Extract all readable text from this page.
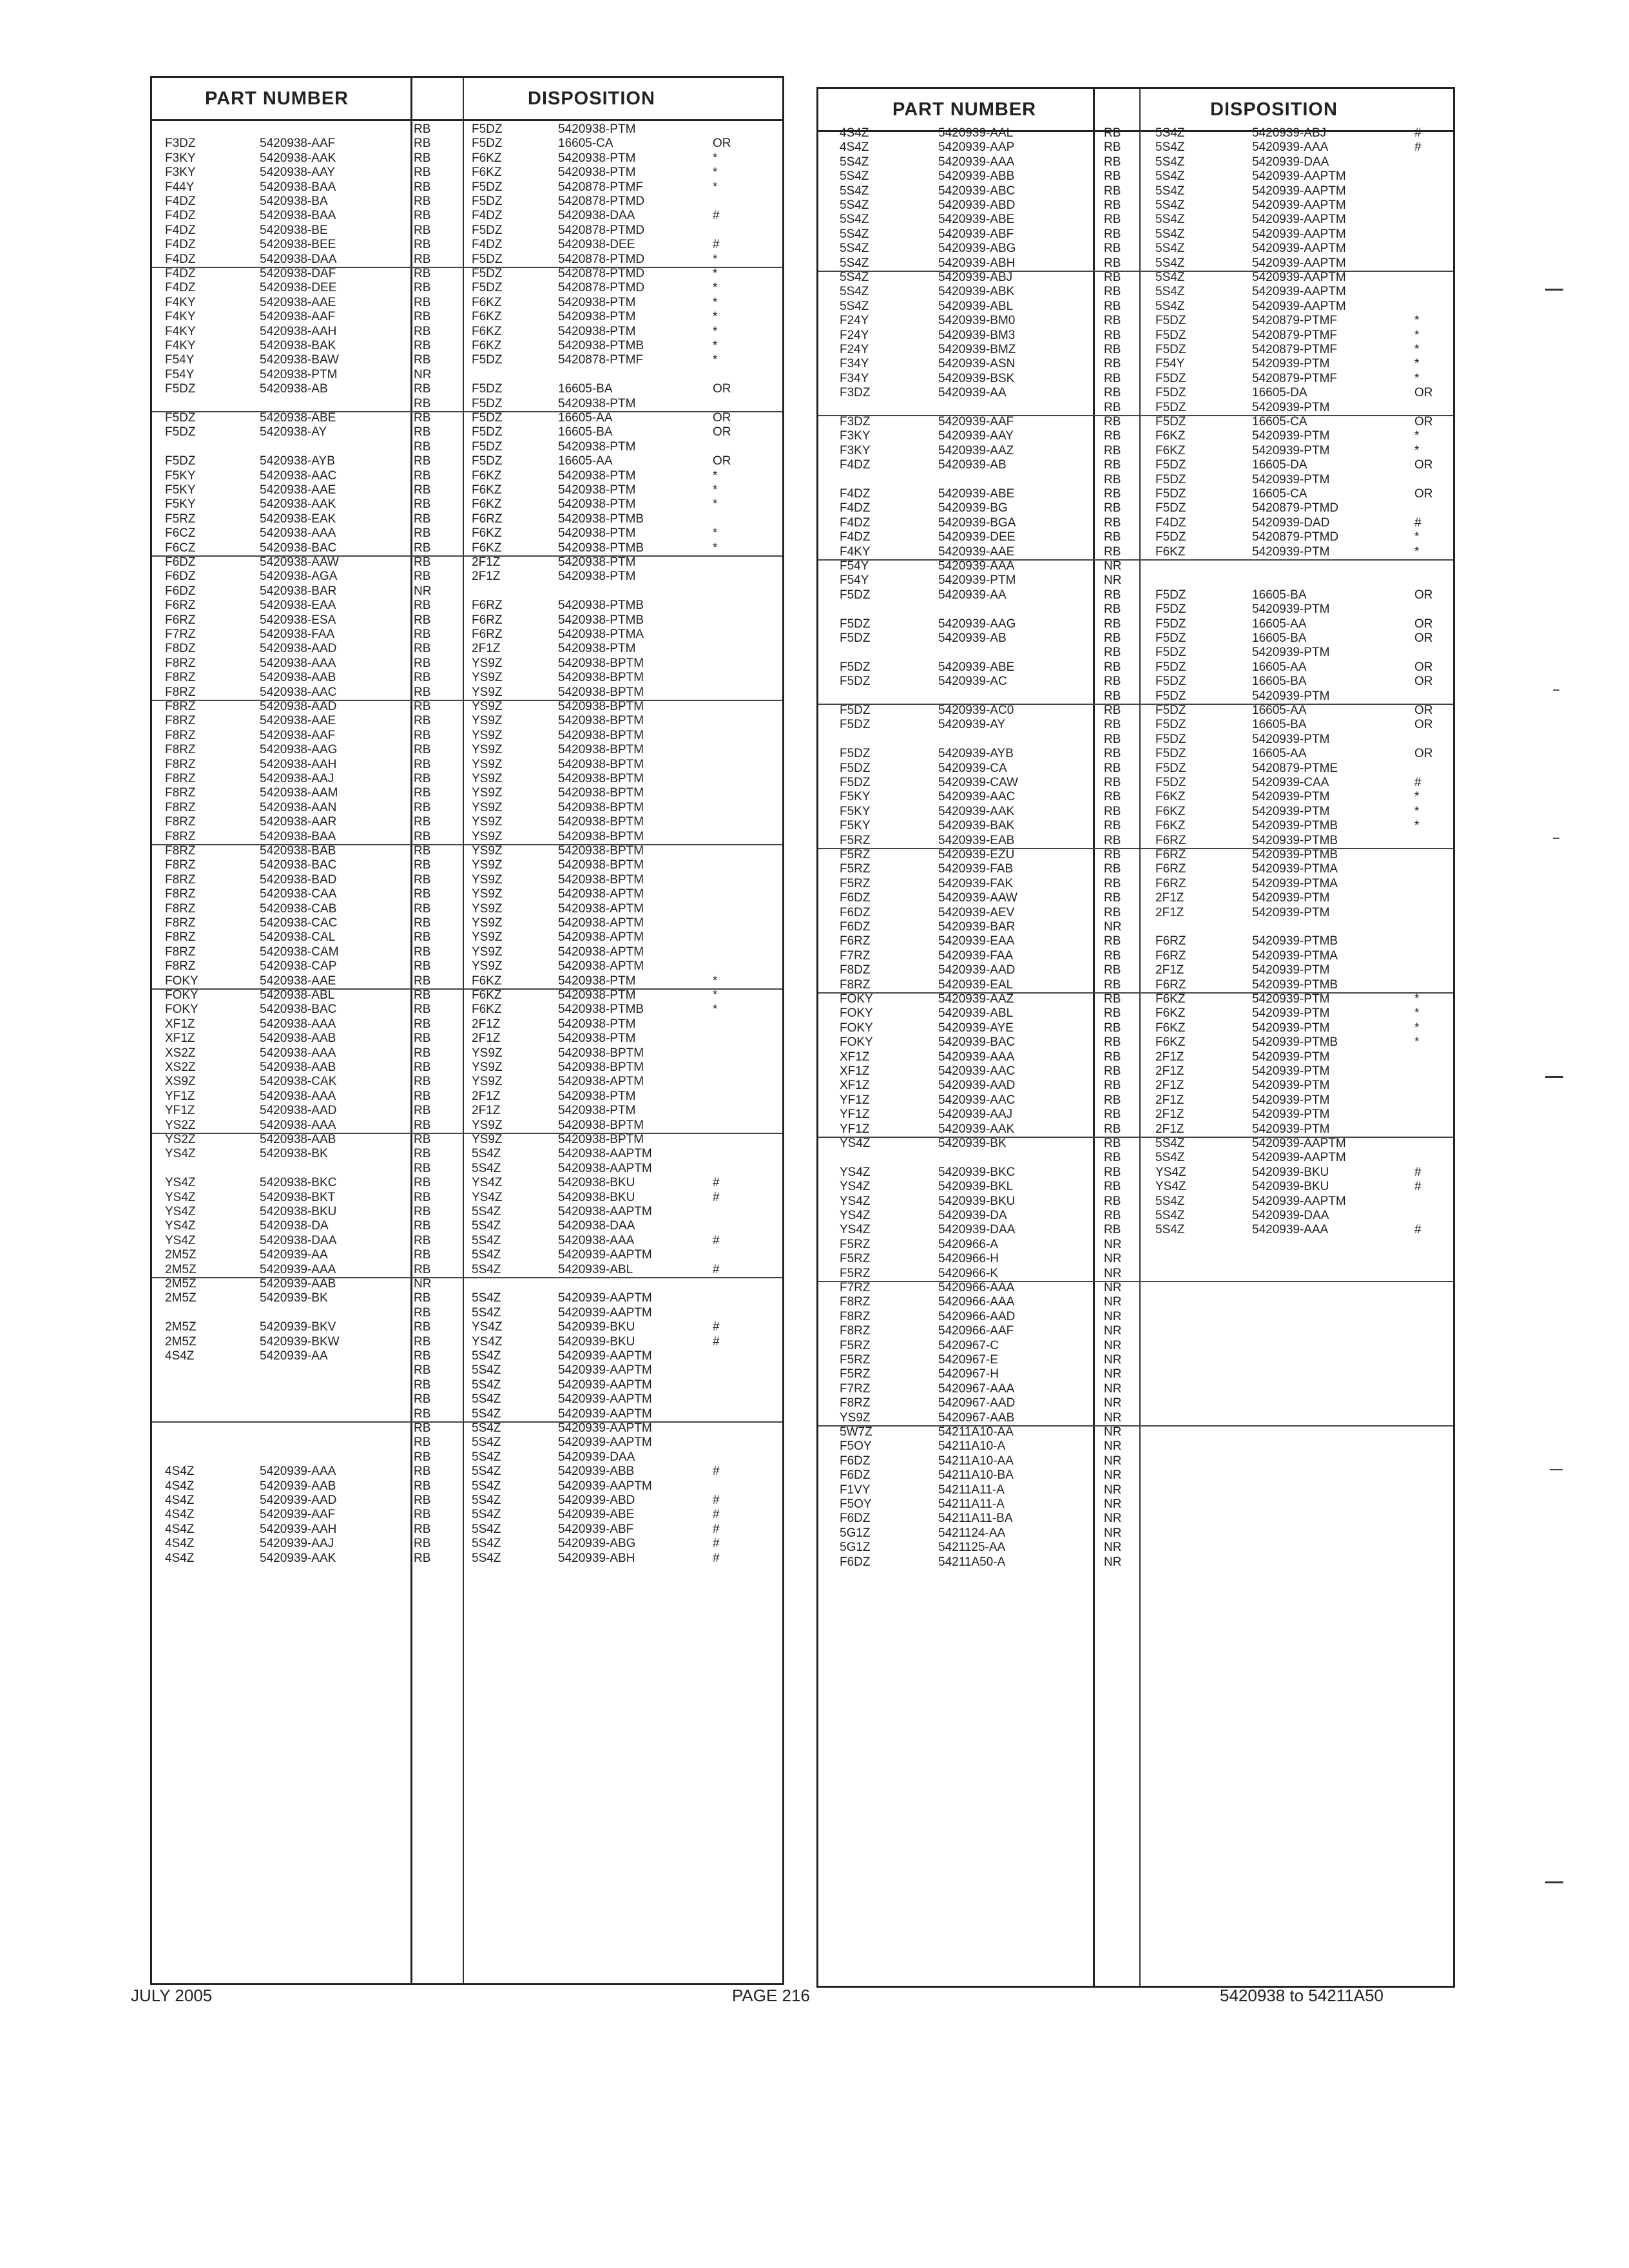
PART NUMBER	DISPOSITION
RB	F5DZ	5420938-PTM
F3DZ	5420938-AAF	RB	F5DZ	16605-CA	OR
F3KY	5420938-AAK	RB	F6KZ	5420938-PTM	*
F3KY	5420938-AAY	RB	F6KZ	5420938-PTM	*
F44Y	5420938-BAA	RB	F5DZ	5420878-PTMF	*
F4DZ	5420938-BA	RB	F5DZ	5420878-PTMD
F4DZ	5420938-BAA	RB	F4DZ	5420938-DAA	#
F4DZ	5420938-BE	RB	F5DZ	5420878-PTMD
F4DZ	5420938-BEE	RB	F4DZ	5420938-DEE	#
F4DZ	5420938-DAA	RB	F5DZ	5420878-PTMD	*
F4DZ	5420938-DAF	RB	F5DZ	5420878-PTMD	*
F4DZ	5420938-DEE	RB	F5DZ	5420878-PTMD	*
F4KY	5420938-AAE	RB	F6KZ	5420938-PTM	*
F4KY	5420938-AAF	RB	F6KZ	5420938-PTM	*
F4KY	5420938-AAH	RB	F6KZ	5420938-PTM	*
F4KY	5420938-BAK	RB	F6KZ	5420938-PTMB	*
F54Y	5420938-BAW	RB	F5DZ	5420878-PTMF	*
F54Y	5420938-PTM	NR
F5DZ	5420938-AB	RB	F5DZ	16605-BA	OR
RB	F5DZ	5420938-PTM
F5DZ	5420938-ABE	RB	F5DZ	16605-AA	OR
F5DZ	5420938-AY	RB	F5DZ	16605-BA	OR
RB	F5DZ	5420938-PTM
F5DZ	5420938-AYB	RB	F5DZ	16605-AA	OR
F5KY	5420938-AAC	RB	F6KZ	5420938-PTM	*
F5KY	5420938-AAE	RB	F6KZ	5420938-PTM	*
F5KY	5420938-AAK	RB	F6KZ	5420938-PTM	*
F5RZ	5420938-EAK	RB	F6RZ	5420938-PTMB
F6CZ	5420938-AAA	RB	F6KZ	5420938-PTM	*
F6CZ	5420938-BAC	RB	F6KZ	5420938-PTMB	*
F6DZ	5420938-AAW	RB	2F1Z	5420938-PTM
F6DZ	5420938-AGA	RB	2F1Z	5420938-PTM
F6DZ	5420938-BAR	NR
F6RZ	5420938-EAA	RB	F6RZ	5420938-PTMB
F6RZ	5420938-ESA	RB	F6RZ	5420938-PTMB
F7RZ	5420938-FAA	RB	F6RZ	5420938-PTMA
F8DZ	5420938-AAD	RB	2F1Z	5420938-PTM
F8RZ	5420938-AAA	RB	YS9Z	5420938-BPTM
F8RZ	5420938-AAB	RB	YS9Z	5420938-BPTM
F8RZ	5420938-AAC	RB	YS9Z	5420938-BPTM
F8RZ	5420938-AAD	RB	YS9Z	5420938-BPTM
F8RZ	5420938-AAE	RB	YS9Z	5420938-BPTM
F8RZ	5420938-AAF	RB	YS9Z	5420938-BPTM
F8RZ	5420938-AAG	RB	YS9Z	5420938-BPTM
F8RZ	5420938-AAH	RB	YS9Z	5420938-BPTM
F8RZ	5420938-AAJ	RB	YS9Z	5420938-BPTM
F8RZ	5420938-AAM	RB	YS9Z	5420938-BPTM
F8RZ	5420938-AAN	RB	YS9Z	5420938-BPTM
F8RZ	5420938-AAR	RB	YS9Z	5420938-BPTM
F8RZ	5420938-BAA	RB	YS9Z	5420938-BPTM
F8RZ	5420938-BAB	RB	YS9Z	5420938-BPTM
F8RZ	5420938-BAC	RB	YS9Z	5420938-BPTM
F8RZ	5420938-BAD	RB	YS9Z	5420938-BPTM
F8RZ	5420938-CAA	RB	YS9Z	5420938-APTM
F8RZ	5420938-CAB	RB	YS9Z	5420938-APTM
F8RZ	5420938-CAC	RB	YS9Z	5420938-APTM
F8RZ	5420938-CAL	RB	YS9Z	5420938-APTM
F8RZ	5420938-CAM	RB	YS9Z	5420938-APTM
F8RZ	5420938-CAP	RB	YS9Z	5420938-APTM
FOKY	5420938-AAE	RB	F6KZ	5420938-PTM	*
FOKY	5420938-ABL	RB	F6KZ	5420938-PTM	*
FOKY	5420938-BAC	RB	F6KZ	5420938-PTMB	*
XF1Z	5420938-AAA	RB	2F1Z	5420938-PTM
XF1Z	5420938-AAB	RB	2F1Z	5420938-PTM
XS2Z	5420938-AAA	RB	YS9Z	5420938-BPTM
XS2Z	5420938-AAB	RB	YS9Z	5420938-BPTM
XS9Z	5420938-CAK	RB	YS9Z	5420938-APTM
YF1Z	5420938-AAA	RB	2F1Z	5420938-PTM
YF1Z	5420938-AAD	RB	2F1Z	5420938-PTM
YS2Z	5420938-AAA	RB	YS9Z	5420938-BPTM
YS2Z	5420938-AAB	RB	YS9Z	5420938-BPTM
YS4Z	5420938-BK	RB	5S4Z	5420938-AAPTM
RB	5S4Z	5420938-AAPTM
YS4Z	5420938-BKC	RB	YS4Z	5420938-BKU	#
YS4Z	5420938-BKT	RB	YS4Z	5420938-BKU	#
YS4Z	5420938-BKU	RB	5S4Z	5420938-AAPTM
YS4Z	5420938-DA	RB	5S4Z	5420938-DAA
YS4Z	5420938-DAA	RB	5S4Z	5420938-AAA	#
2M5Z	5420939-AA	RB	5S4Z	5420939-AAPTM
2M5Z	5420939-AAA	RB	5S4Z	5420939-ABL	#
2M5Z	5420939-AAB	NR
2M5Z	5420939-BK	RB	5S4Z	5420939-AAPTM
RB	5S4Z	5420939-AAPTM
2M5Z	5420939-BKV	RB	YS4Z	5420939-BKU	#
2M5Z	5420939-BKW	RB	YS4Z	5420939-BKU	#
4S4Z	5420939-AA	RB	5S4Z	5420939-AAPTM
RB	5S4Z	5420939-AAPTM
RB	5S4Z	5420939-AAPTM
RB	5S4Z	5420939-AAPTM
RB	5S4Z	5420939-AAPTM
RB	5S4Z	5420939-AAPTM
RB	5S4Z	5420939-AAPTM
RB	5S4Z	5420939-DAA
4S4Z	5420939-AAA	RB	5S4Z	5420939-ABB	#
4S4Z	5420939-AAB	RB	5S4Z	5420939-AAPTM
4S4Z	5420939-AAD	RB	5S4Z	5420939-ABD	#
4S4Z	5420939-AAF	RB	5S4Z	5420939-ABE	#
4S4Z	5420939-AAH	RB	5S4Z	5420939-ABF	#
4S4Z	5420939-AAJ	RB	5S4Z	5420939-ABG	#
4S4Z	5420939-AAK	RB	5S4Z	5420939-ABH	#
PART NUMBER	DISPOSITION
4S4Z	5420939-AAL	RB	5S4Z	5420939-ABJ	#
4S4Z	5420939-AAP	RB	5S4Z	5420939-AAA	#
5S4Z	5420939-AAA	RB	5S4Z	5420939-DAA
5S4Z	5420939-ABB	RB	5S4Z	5420939-AAPTM
5S4Z	5420939-ABC	RB	5S4Z	5420939-AAPTM
5S4Z	5420939-ABD	RB	5S4Z	5420939-AAPTM
5S4Z	5420939-ABE	RB	5S4Z	5420939-AAPTM
5S4Z	5420939-ABF	RB	5S4Z	5420939-AAPTM
5S4Z	5420939-ABG	RB	5S4Z	5420939-AAPTM
5S4Z	5420939-ABH	RB	5S4Z	5420939-AAPTM
5S4Z	5420939-ABJ	RB	5S4Z	5420939-AAPTM
5S4Z	5420939-ABK	RB	5S4Z	5420939-AAPTM
5S4Z	5420939-ABL	RB	5S4Z	5420939-AAPTM
F24Y	5420939-BM0	RB	F5DZ	5420879-PTMF	*
F24Y	5420939-BM3	RB	F5DZ	5420879-PTMF	*
F24Y	5420939-BMZ	RB	F5DZ	5420879-PTMF	*
F34Y	5420939-ASN	RB	F54Y	5420939-PTM	*
F34Y	5420939-BSK	RB	F5DZ	5420879-PTMF	*
F3DZ	5420939-AA	RB	F5DZ	16605-DA	OR
RB	F5DZ	5420939-PTM
F3DZ	5420939-AAF	RB	F5DZ	16605-CA	OR
F3KY	5420939-AAY	RB	F6KZ	5420939-PTM	*
F3KY	5420939-AAZ	RB	F6KZ	5420939-PTM	*
F4DZ	5420939-AB	RB	F5DZ	16605-DA	OR
RB	F5DZ	5420939-PTM
F4DZ	5420939-ABE	RB	F5DZ	16605-CA	OR
F4DZ	5420939-BG	RB	F5DZ	5420879-PTMD
F4DZ	5420939-BGA	RB	F4DZ	5420939-DAD	#
F4DZ	5420939-DEE	RB	F5DZ	5420879-PTMD	*
F4KY	5420939-AAE	RB	F6KZ	5420939-PTM	*
F54Y	5420939-AAA	NR
F54Y	5420939-PTM	NR
F5DZ	5420939-AA	RB	F5DZ	16605-BA	OR
RB	F5DZ	5420939-PTM
F5DZ	5420939-AAG	RB	F5DZ	16605-AA	OR
F5DZ	5420939-AB	RB	F5DZ	16605-BA	OR
RB	F5DZ	5420939-PTM
F5DZ	5420939-ABE	RB	F5DZ	16605-AA	OR
F5DZ	5420939-AC	RB	F5DZ	16605-BA	OR
RB	F5DZ	5420939-PTM
F5DZ	5420939-AC0	RB	F5DZ	16605-AA	OR
F5DZ	5420939-AY	RB	F5DZ	16605-BA	OR
RB	F5DZ	5420939-PTM
F5DZ	5420939-AYB	RB	F5DZ	16605-AA	OR
F5DZ	5420939-CA	RB	F5DZ	5420879-PTME
F5DZ	5420939-CAW	RB	F5DZ	5420939-CAA	#
F5KY	5420939-AAC	RB	F6KZ	5420939-PTM	*
F5KY	5420939-AAK	RB	F6KZ	5420939-PTM	*
F5KY	5420939-BAK	RB	F6KZ	5420939-PTMB	*
F5RZ	5420939-EAB	RB	F6RZ	5420939-PTMB
F5RZ	5420939-EZU	RB	F6RZ	5420939-PTMB
F5RZ	5420939-FAB	RB	F6RZ	5420939-PTMA
F5RZ	5420939-FAK	RB	F6RZ	5420939-PTMA
F6DZ	5420939-AAW	RB	2F1Z	5420939-PTM
F6DZ	5420939-AEV	RB	2F1Z	5420939-PTM
F6DZ	5420939-BAR	NR
F6RZ	5420939-EAA	RB	F6RZ	5420939-PTMB
F7RZ	5420939-FAA	RB	F6RZ	5420939-PTMA
F8DZ	5420939-AAD	RB	2F1Z	5420939-PTM
F8RZ	5420939-EAL	RB	F6RZ	5420939-PTMB
FOKY	5420939-AAZ	RB	F6KZ	5420939-PTM	*
FOKY	5420939-ABL	RB	F6KZ	5420939-PTM	*
FOKY	5420939-AYE	RB	F6KZ	5420939-PTM	*
FOKY	5420939-BAC	RB	F6KZ	5420939-PTMB	*
XF1Z	5420939-AAA	RB	2F1Z	5420939-PTM
XF1Z	5420939-AAC	RB	2F1Z	5420939-PTM
XF1Z	5420939-AAD	RB	2F1Z	5420939-PTM
YF1Z	5420939-AAC	RB	2F1Z	5420939-PTM
YF1Z	5420939-AAJ	RB	2F1Z	5420939-PTM
YF1Z	5420939-AAK	RB	2F1Z	5420939-PTM
YS4Z	5420939-BK	RB	5S4Z	5420939-AAPTM
RB	5S4Z	5420939-AAPTM
YS4Z	5420939-BKC	RB	YS4Z	5420939-BKU	#
YS4Z	5420939-BKL	RB	YS4Z	5420939-BKU	#
YS4Z	5420939-BKU	RB	5S4Z	5420939-AAPTM
YS4Z	5420939-DA	RB	5S4Z	5420939-DAA
YS4Z	5420939-DAA	RB	5S4Z	5420939-AAA	#
F5RZ	5420966-A	NR
F5RZ	5420966-H	NR
F5RZ	5420966-K	NR
F7RZ	5420966-AAA	NR
F8RZ	5420966-AAA	NR
F8RZ	5420966-AAD	NR
F8RZ	5420966-AAF	NR
F5RZ	5420967-C	NR
F5RZ	5420967-E	NR
F5RZ	5420967-H	NR
F7RZ	5420967-AAA	NR
F8RZ	5420967-AAD	NR
YS9Z	5420967-AAB	NR
5W7Z	54211A10-AA	NR
F5OY	54211A10-A	NR
F6DZ	54211A10-AA	NR
F6DZ	54211A10-BA	NR
F1VY	54211A11-A	NR
F5OY	54211A11-A	NR
F6DZ	54211A11-BA	NR
5G1Z	5421124-AA	NR
5G1Z	5421125-AA	NR
F6DZ	54211A50-A	NR
JULY 2005	PAGE 216	5420938 to 54211A50
